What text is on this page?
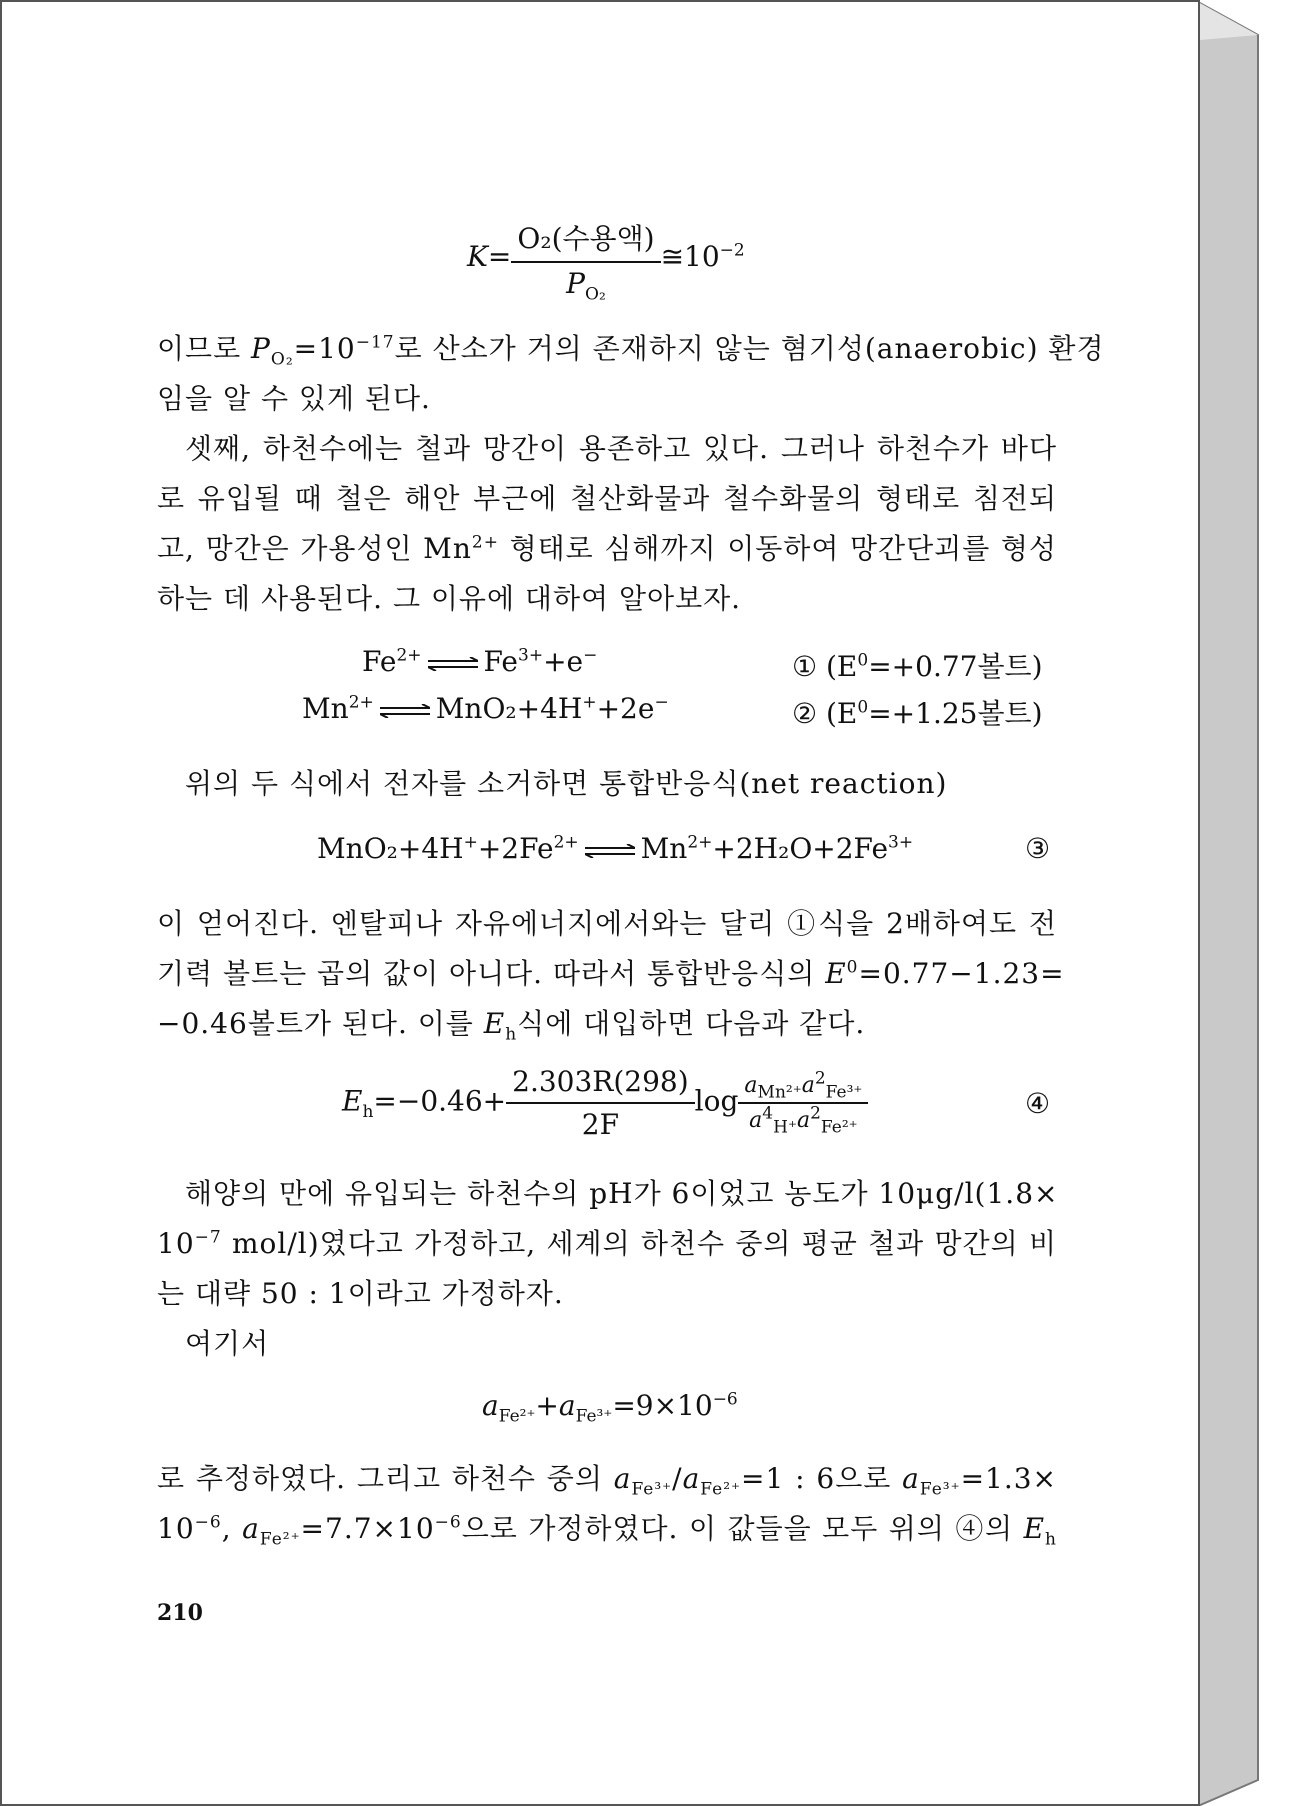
$K= \frac{\text{O₂(수용액)}}{P_{O_2}}$ $≅10^{-2}$
이므로 $P_{O_2}=10^{-17}$로 산소가 거의 존재하지 않는 혐기성(anaerobic) 환경
임을 알 수 있게 된다.
셋째, 하천수에는 철과 망간이 용존하고 있다. 그러나 하천수가 바다
로 유입될 때 철은 해안 부근에 철산화물과 철수화물의 형태로 침전되
고, 망간은 가용성인 $Mn^{2+}$ 형태로 심해까지 이동하여 망간단괴를 형성
하는 데 사용된다. 그 이유에 대하여 알아보자.
$Fe^{2+}$ ⇌ $Fe^{3+}+e^-$	① ($E^0=+0.77$볼트)
$Mn^{2+}$ ⇌ MnO₂+4H++2e−	② ($E^0=+1.25$볼트)
위의 두 식에서 전자를 소거하면 통합반응식(net reaction)
$MnO_2+4H^++2Fe^{2+}$ ⇌ $Mn^{2+}+2H_2O+2Fe^{3+}$	③
이 얻어진다. 엔탈피나 자유에너지에서와는 달리 ①식을 2배하여도 전
기력 볼트는 곱의 값이 아니다. 따라서 통합반응식의 $E^0=0.77-1.23=$
−0.46볼트가 된다. 이를 $E_h$식에 대입하면 다음과 같다.
$E_h=-0.46+ \frac{2.303R(298)}{2F}$ $\log \frac{a_{Mn^{2+}}a^2_{Fe^{3+}}}{a^4_{H^+}a^2_{Fe^{2+}}}$	④
해양의 만에 유입되는 하천수의 pH가 6이었고 농도가 10μg/l(1.8×
$10^{-7}$ mol/l)였다고 가정하고, 세계의 하천수 중의 평균 철과 망간의 비
는 대략 50 : 1이라고 가정하자.
여기서
$a_{Fe^{2+}}+a_{Fe^{3+}}=9\times 10^{-6}$
로 추정하였다. 그리고 하천수 중의 $a_{Fe^{3+}}/a_{Fe^{2+}}=1$ : 6으로 $a_{Fe^{3+}}=1.3\times$
$10^{-6}$, $a_{Fe^{2+}}=7.7\times 10^{-6}$으로 가정하였다. 이 값들을 모두 위의 ④의 $E_h$
210
